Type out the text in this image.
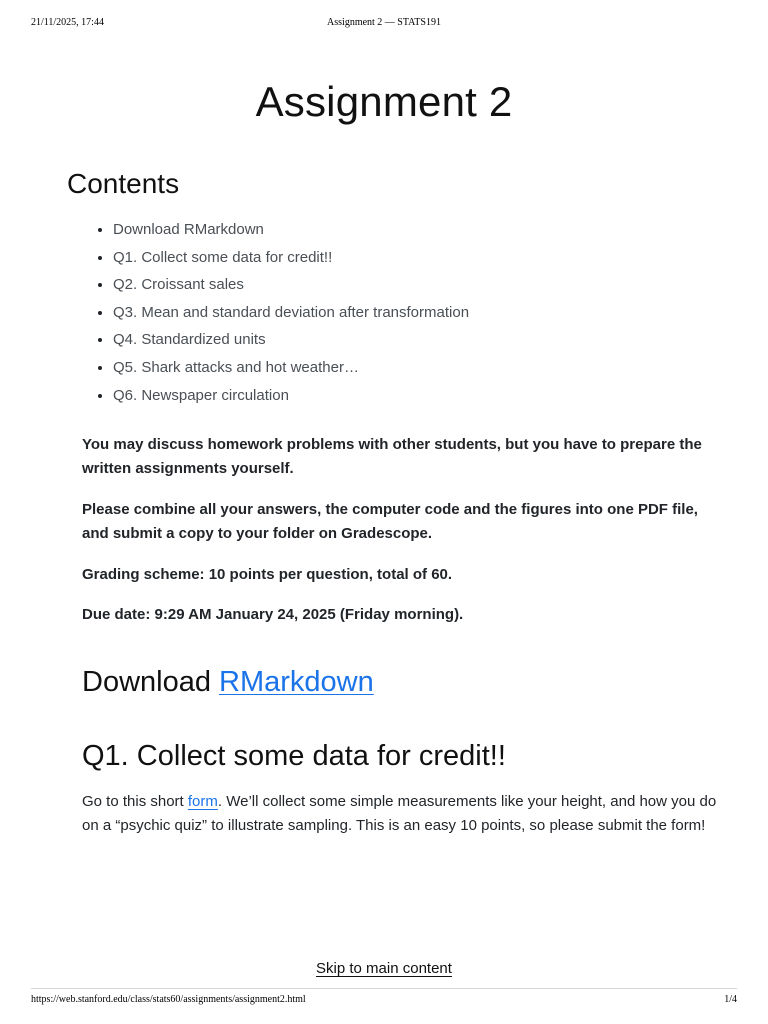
21/11/2025, 17:44	Assignment 2 — STATS191
Assignment 2
Contents
• Download RMarkdown
• Q1. Collect some data for credit!!
• Q2. Croissant sales
• Q3. Mean and standard deviation after transformation
• Q4. Standardized units
• Q5. Shark attacks and hot weather…
• Q6. Newspaper circulation

You may discuss homework problems with other students, but you have to prepare the written assignments yourself.

Please combine all your answers, the computer code and the figures into one PDF file, and submit a copy to your folder on Gradescope.

Grading scheme: 10 points per question, total of 60.

Due date: 9:29 AM January 24, 2025 (Friday morning).

Download RMarkdown
Q1. Collect some data for credit!!

Go to this short form. We’ll collect some simple measurements like your height, and how you do on a “psychic quiz” to illustrate sampling. This is an easy 10 points, so please submit the form!

Skip to main content
https://web.stanford.edu/class/stats60/assignments/assignment2.html	1/4
